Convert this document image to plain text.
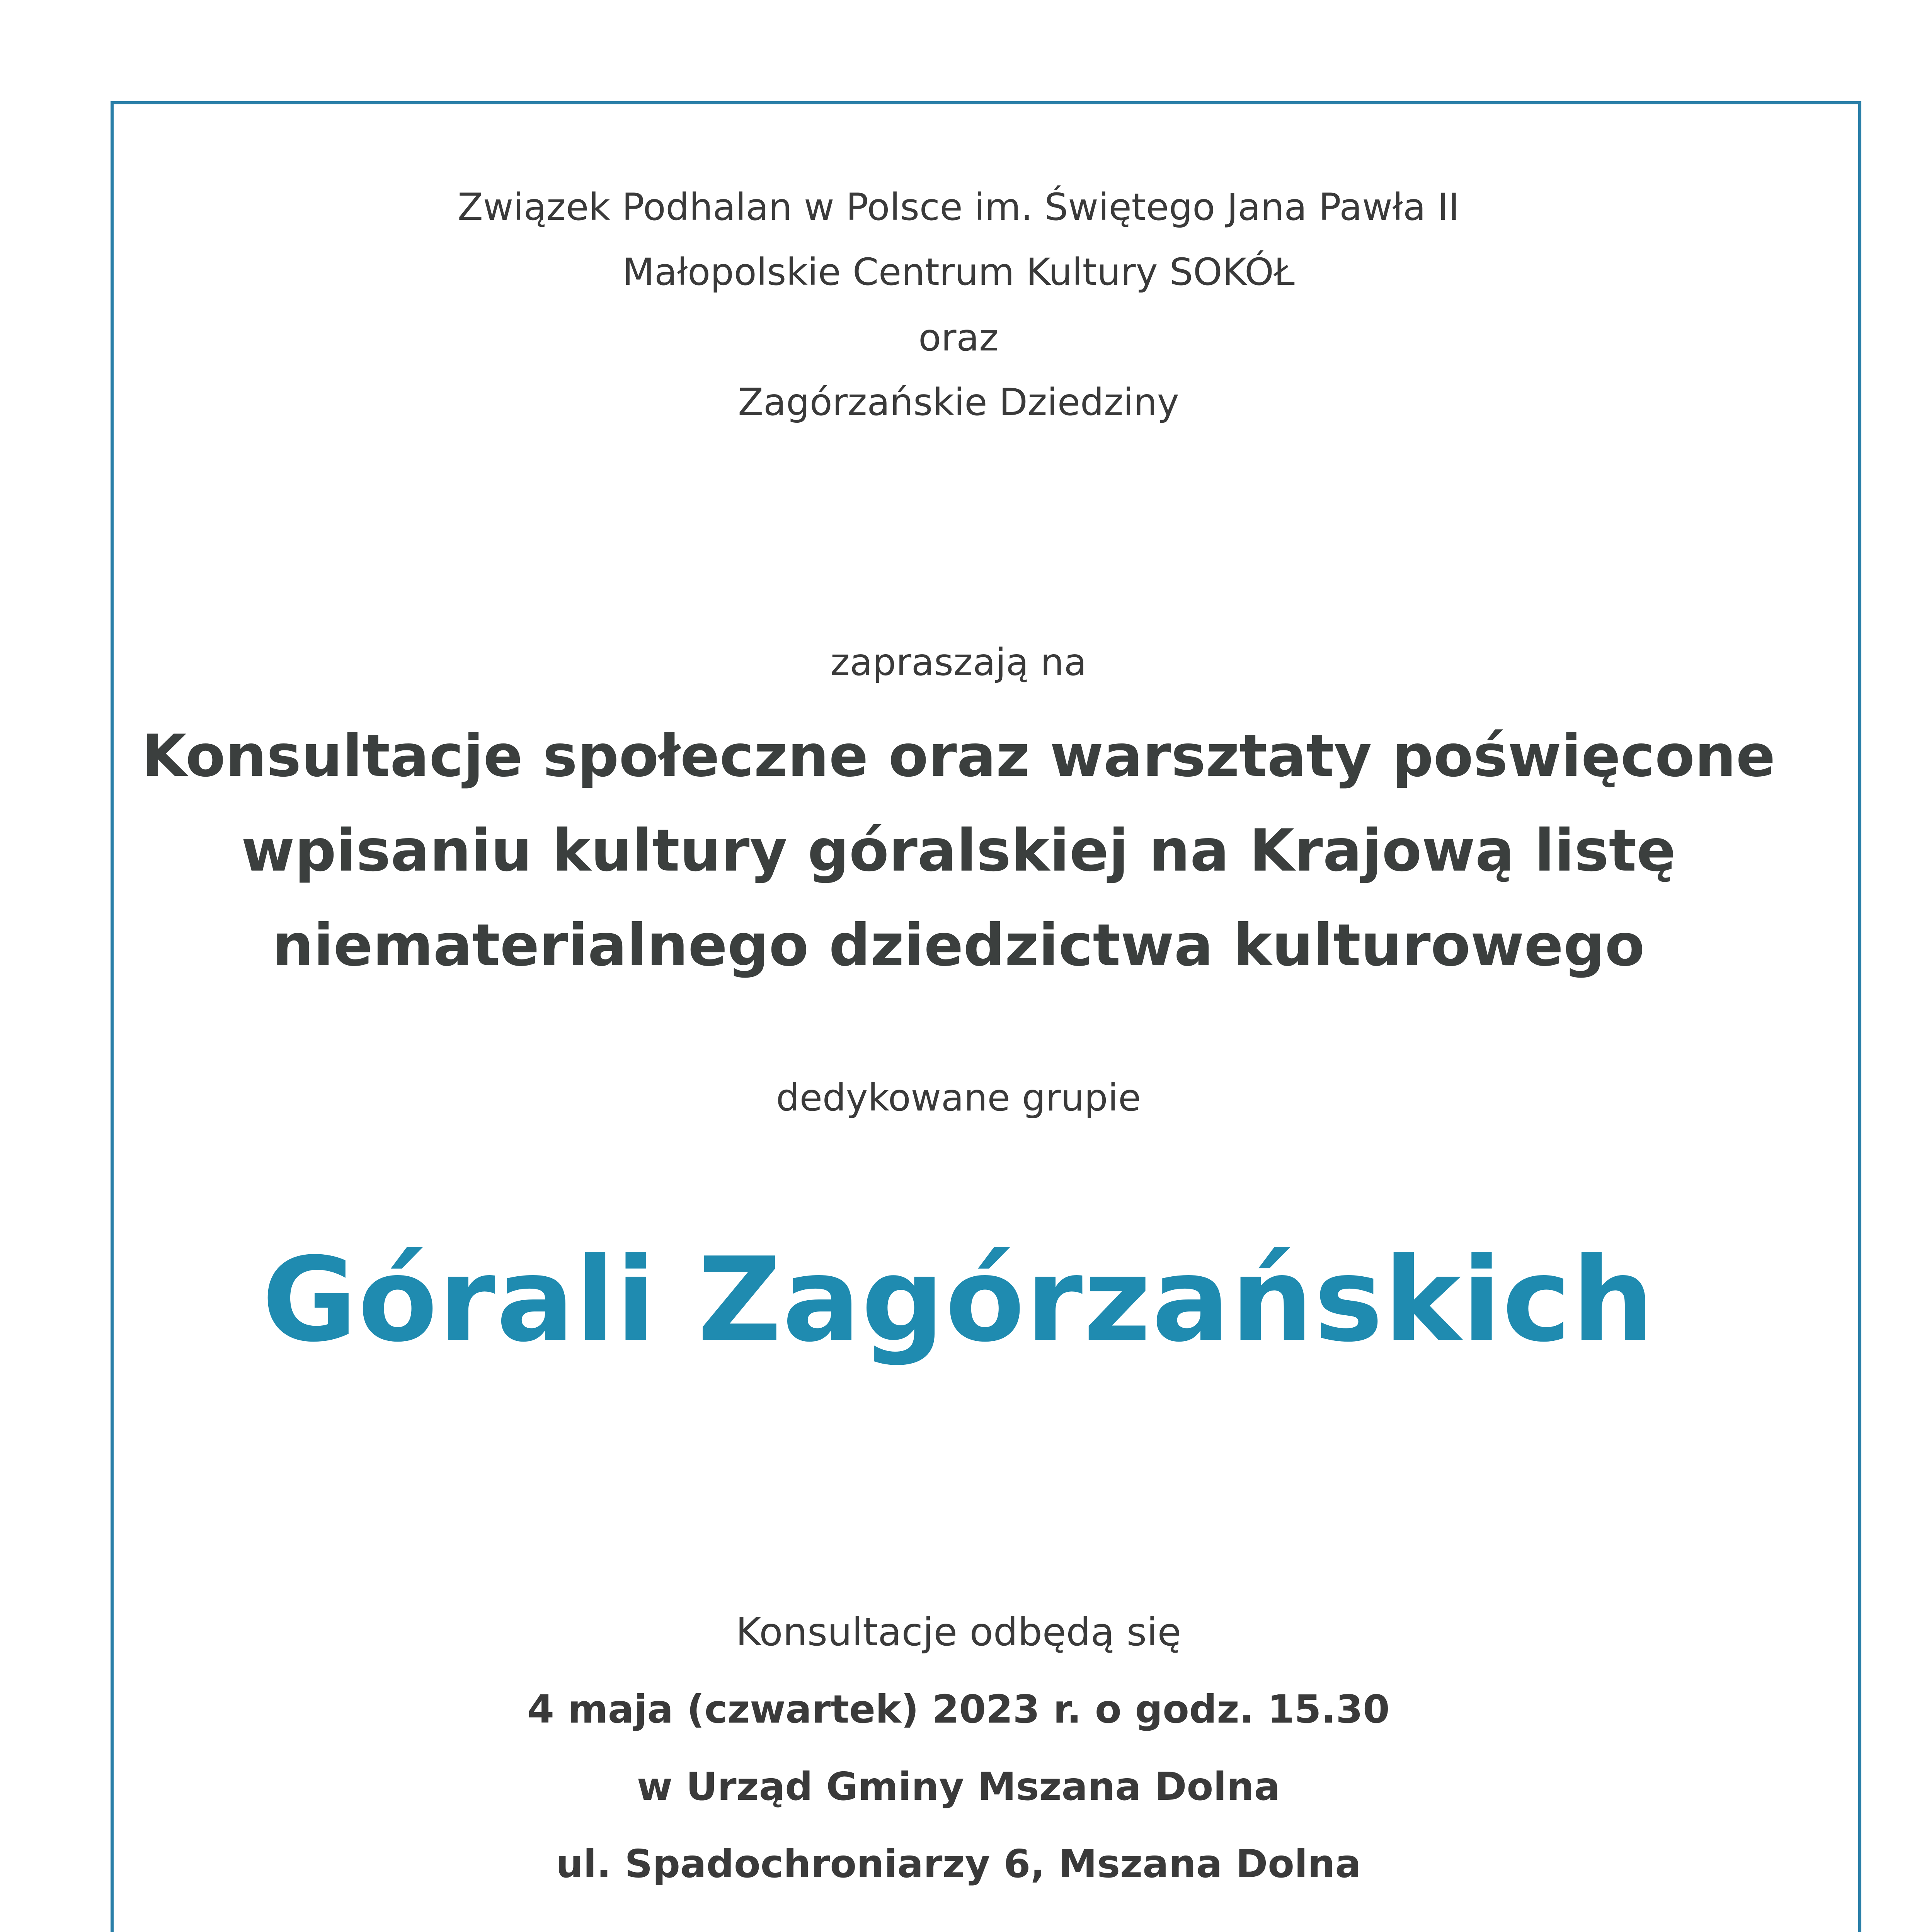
Związek Podhalan w Polsce im. Świętego Jana Pawła II
Małopolskie Centrum Kultury SOKÓŁ
oraz
Zagórzańskie Dziedziny
zapraszają na
Konsultacje społeczne oraz warsztaty poświęcone
wpisaniu kultury góralskiej na Krajową listę
niematerialnego dziedzictwa kulturowego
dedykowane grupie
Górali Zagórzańskich
Konsultacje odbędą się
4 maja (czwartek) 2023 r. o godz. 15.30
w Urząd Gminy Mszana Dolna
ul. Spadochroniarzy 6, Mszana Dolna
